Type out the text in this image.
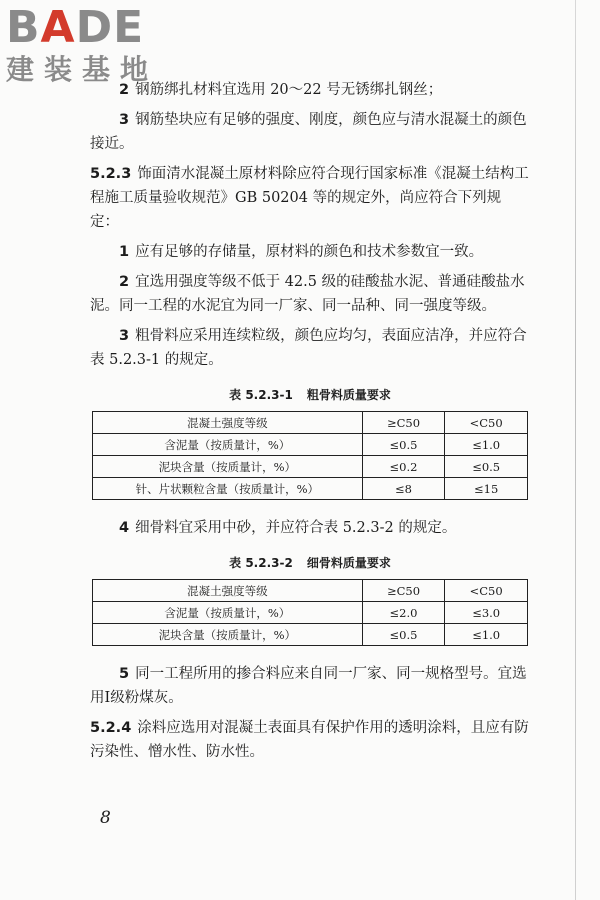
BADE
建装基地

2 钢筋绑扎材料宜选用 20～22 号无锈绑扎钢丝；

3 钢筋垫块应有足够的强度、刚度，颜色应与清水混凝土的颜色接近。

5.2.3 饰面清水混凝土原材料除应符合现行国家标准《混凝土结构工程施工质量验收规范》GB 50204 等的规定外，尚应符合下列规定：

1 应有足够的存储量，原材料的颜色和技术参数宜一致。

2 宜选用强度等级不低于 42.5 级的硅酸盐水泥、普通硅酸盐水泥。同一工程的水泥宜为同一厂家、同一品种、同一强度等级。

3 粗骨料应采用连续粒级，颜色应均匀，表面应洁净，并应符合表 5.2.3-1 的规定。

表 5.2.3-1 粗骨料质量要求
混凝土强度等级	≥C50	<C50
含泥量（按质量计，%）	≤0.5	≤1.0
泥块含量（按质量计，%）	≤0.2	≤0.5
针、片状颗粒含量（按质量计，%）	≤8	≤15

4 细骨料宜采用中砂，并应符合表 5.2.3-2 的规定。

表 5.2.3-2 细骨料质量要求
混凝土强度等级	≥C50	<C50
含泥量（按质量计，%）	≤2.0	≤3.0
泥块含量（按质量计，%）	≤0.5	≤1.0

5 同一工程所用的掺合料应来自同一厂家、同一规格型号。宜选用Ⅰ级粉煤灰。

5.2.4 涂料应选用对混凝土表面具有保护作用的透明涂料，且应有防污染性、憎水性、防水性。

8
